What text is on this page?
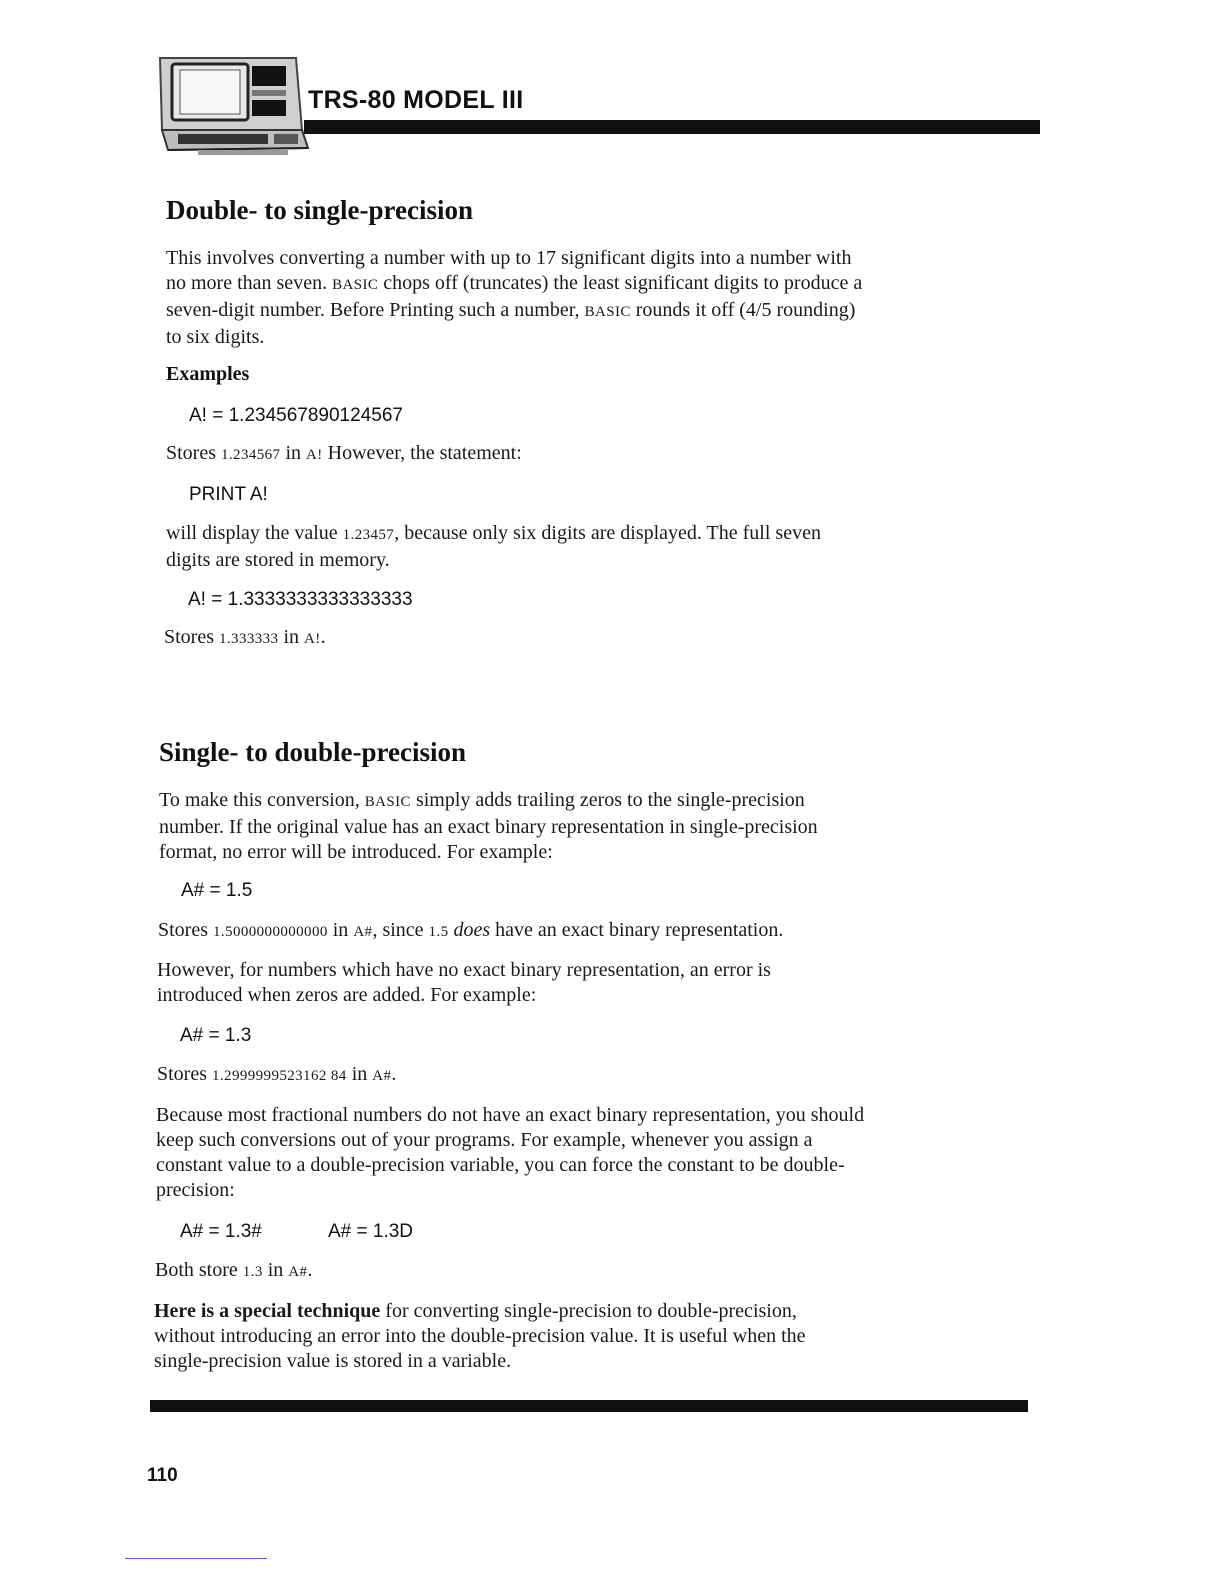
TRS-80 MODEL III
Double- to single-precision
This involves converting a number with up to 17 significant digits into a number with no more than seven. BASIC chops off (truncates) the least significant digits to produce a seven-digit number. Before Printing such a number, BASIC rounds it off (4/5 rounding) to six digits.
Examples
A! = 1.234567890124567
Stores 1.234567 in A! However, the statement:
PRINT A!
will display the value 1.23457, because only six digits are displayed. The full seven digits are stored in memory.
A! = 1.3333333333333333
Stores 1.333333 in A!.
Single- to double-precision
To make this conversion, BASIC simply adds trailing zeros to the single-precision number. If the original value has an exact binary representation in single-precision format, no error will be introduced. For example:
A# = 1.5
Stores 1.5000000000000 in A#, since 1.5 does have an exact binary representation.
However, for numbers which have no exact binary representation, an error is introduced when zeros are added. For example:
A# = 1.3
Stores 1.2999999523162 84 in A#.
Because most fractional numbers do not have an exact binary representation, you should keep such conversions out of your programs. For example, whenever you assign a constant value to a double-precision variable, you can force the constant to be double-precision:
A# = 1.3#	A# = 1.3D
Both store 1.3 in A#.
Here is a special technique for converting single-precision to double-precision, without introducing an error into the double-precision value. It is useful when the single-precision value is stored in a variable.
110
